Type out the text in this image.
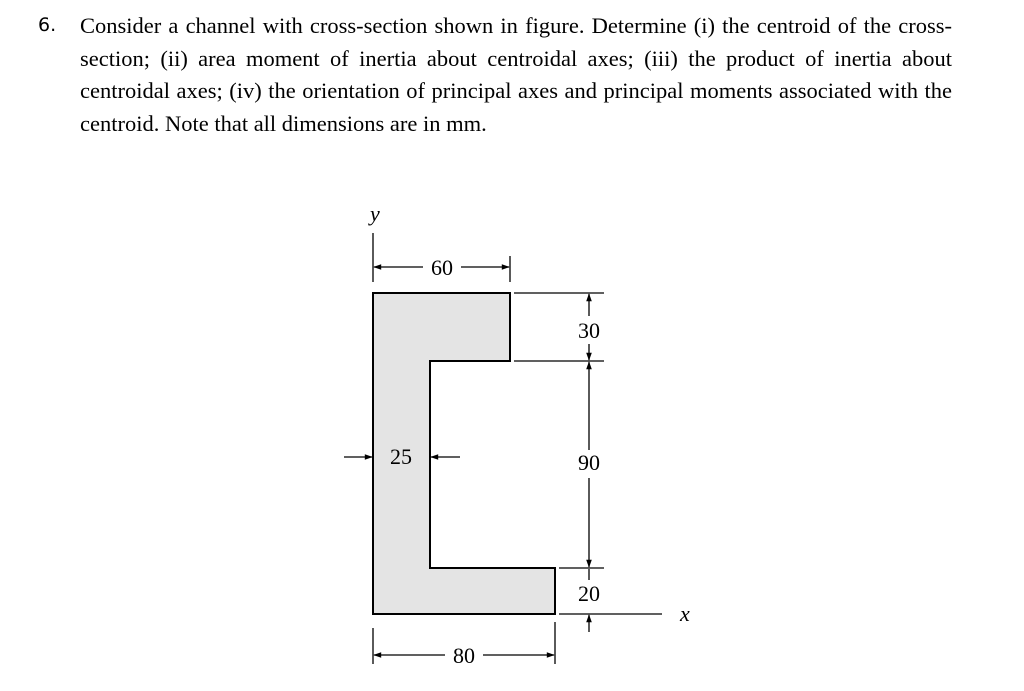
6. Consider a channel with cross-section shown in figure. Determine (i) the centroid of the cross-section; (ii) area moment of inertia about centroidal axes; (iii) the product of inertia about centroidal axes; (iv) the orientation of principal axes and principal moments associated with the centroid. Note that all dimensions are in mm.
y
60
30
90
20
x
25
80
